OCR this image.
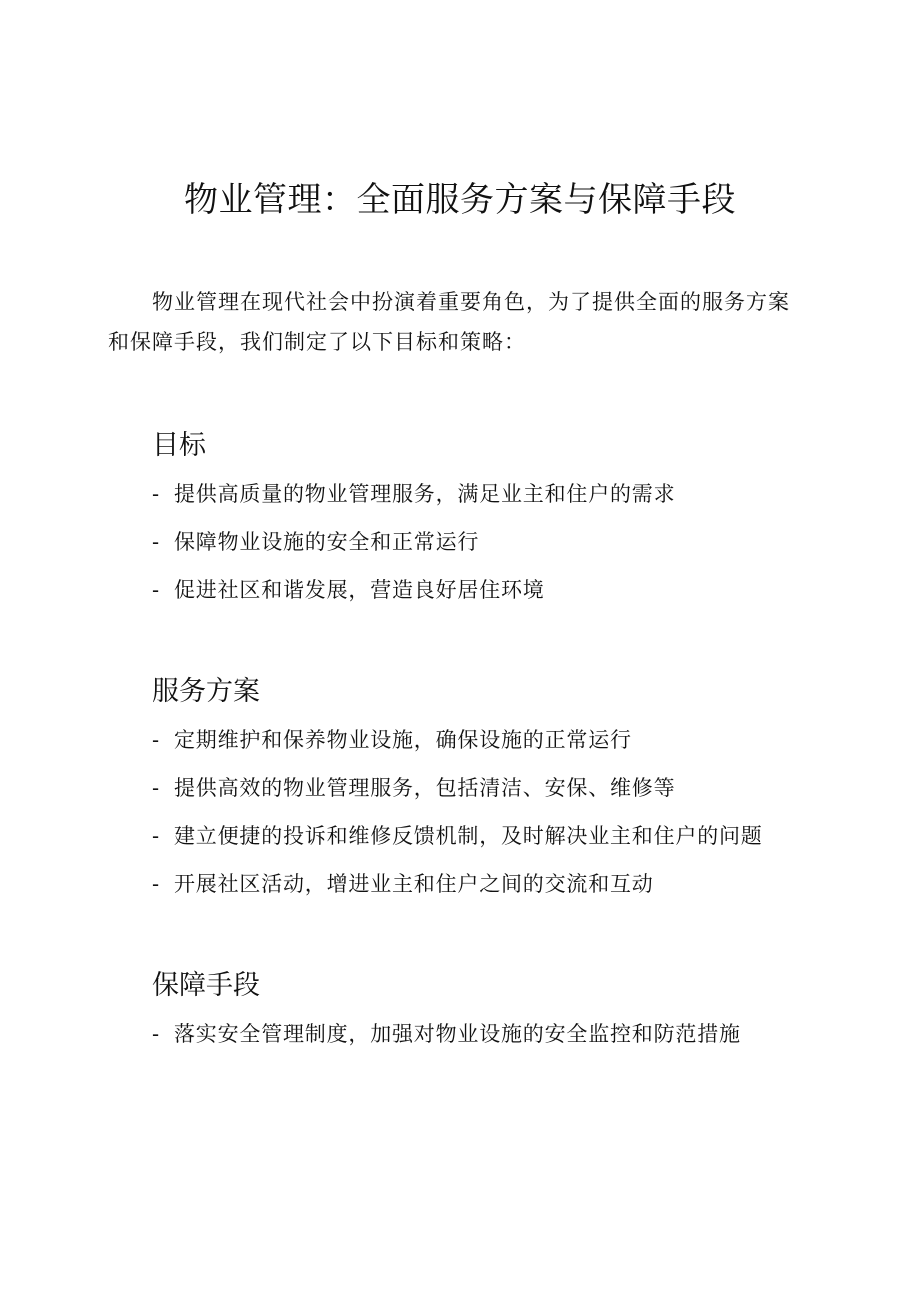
物业管理：全面服务方案与保障手段

物业管理在现代社会中扮演着重要角色，为了提供全面的服务方案和保障手段，我们制定了以下目标和策略：

目标

- 提供高质量的物业管理服务，满足业主和住户的需求

- 保障物业设施的安全和正常运行

- 促进社区和谐发展，营造良好居住环境

服务方案

- 定期维护和保养物业设施，确保设施的正常运行

- 提供高效的物业管理服务，包括清洁、安保、维修等

- 建立便捷的投诉和维修反馈机制，及时解决业主和住户的问题

- 开展社区活动，增进业主和住户之间的交流和互动

保障手段

- 落实安全管理制度，加强对物业设施的安全监控和防范措施
